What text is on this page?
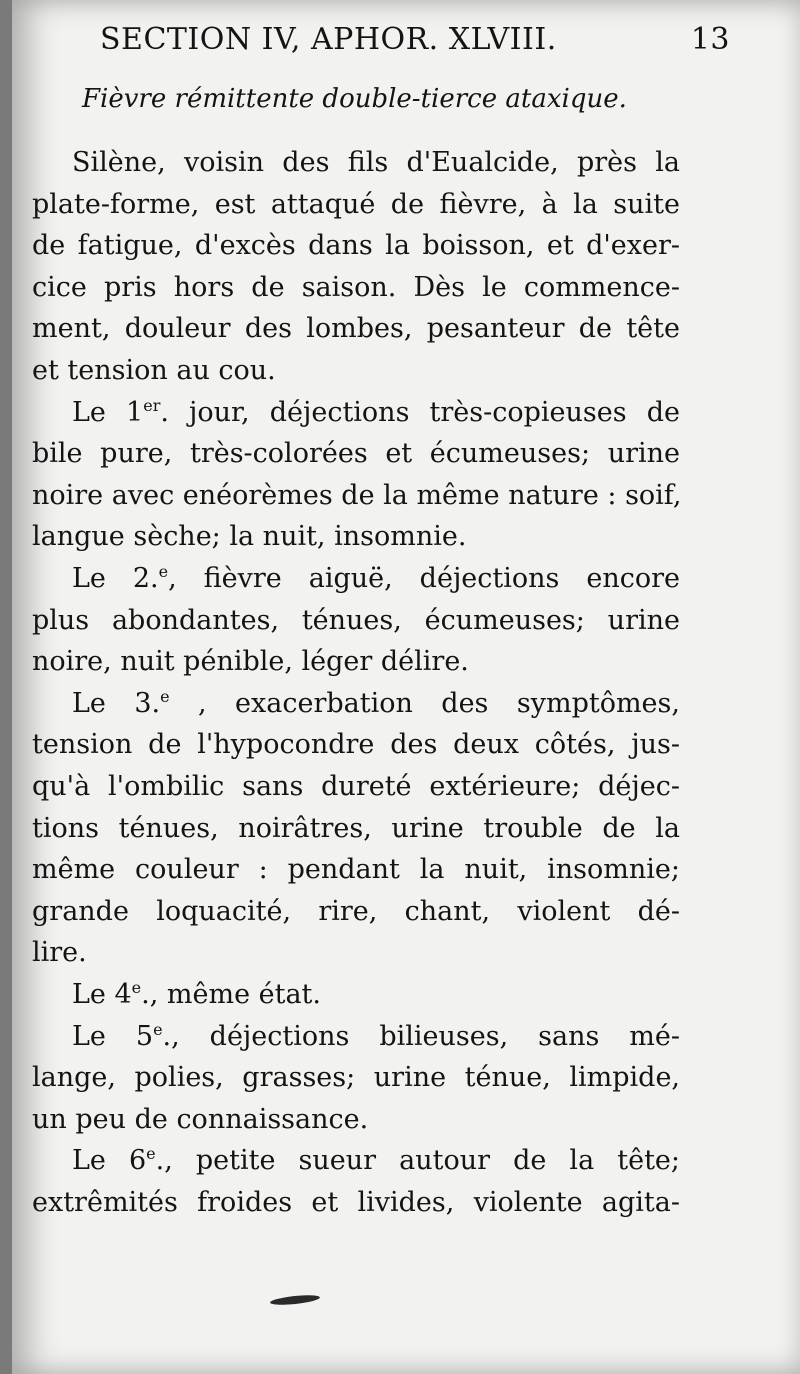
SECTION IV, APHOR. XLVIII.	13
Fièvre rémittente double-tierce ataxique.
Silène, voisin des fils d'Eualcide, près la
plate-forme, est attaqué de fièvre, à la suite
de fatigue, d'excès dans la boisson, et d'exer-
cice pris hors de saison. Dès le commence-
ment, douleur des lombes, pesanteur de tête
et tension au cou.
Le 1er. jour, déjections très-copieuses de
bile pure, très-colorées et écumeuses; urine
noire avec enéorèmes de la même nature : soif,
langue sèche; la nuit, insomnie.
Le 2.$^e$, fièvre aiguë, déjections encore
plus abondantes, ténues, écumeuses; urine
noire, nuit pénible, léger délire.
Le 3.$^e$ , exacerbation des symptômes,
tension de l'hypocondre des deux côtés, jus-
qu'à l'ombilic sans dureté extérieure; déjec-
tions ténues, noirâtres, urine trouble de la
même couleur : pendant la nuit, insomnie;
grande loquacité, rire, chant, violent dé-
lire.
Le 4e., même état.
Le 5e., déjections bilieuses, sans mé-
lange, polies, grasses; urine ténue, limpide,
un peu de connaissance.
Le 6e., petite sueur autour de la tête;
extrêmités froides et livides, violente agita-
